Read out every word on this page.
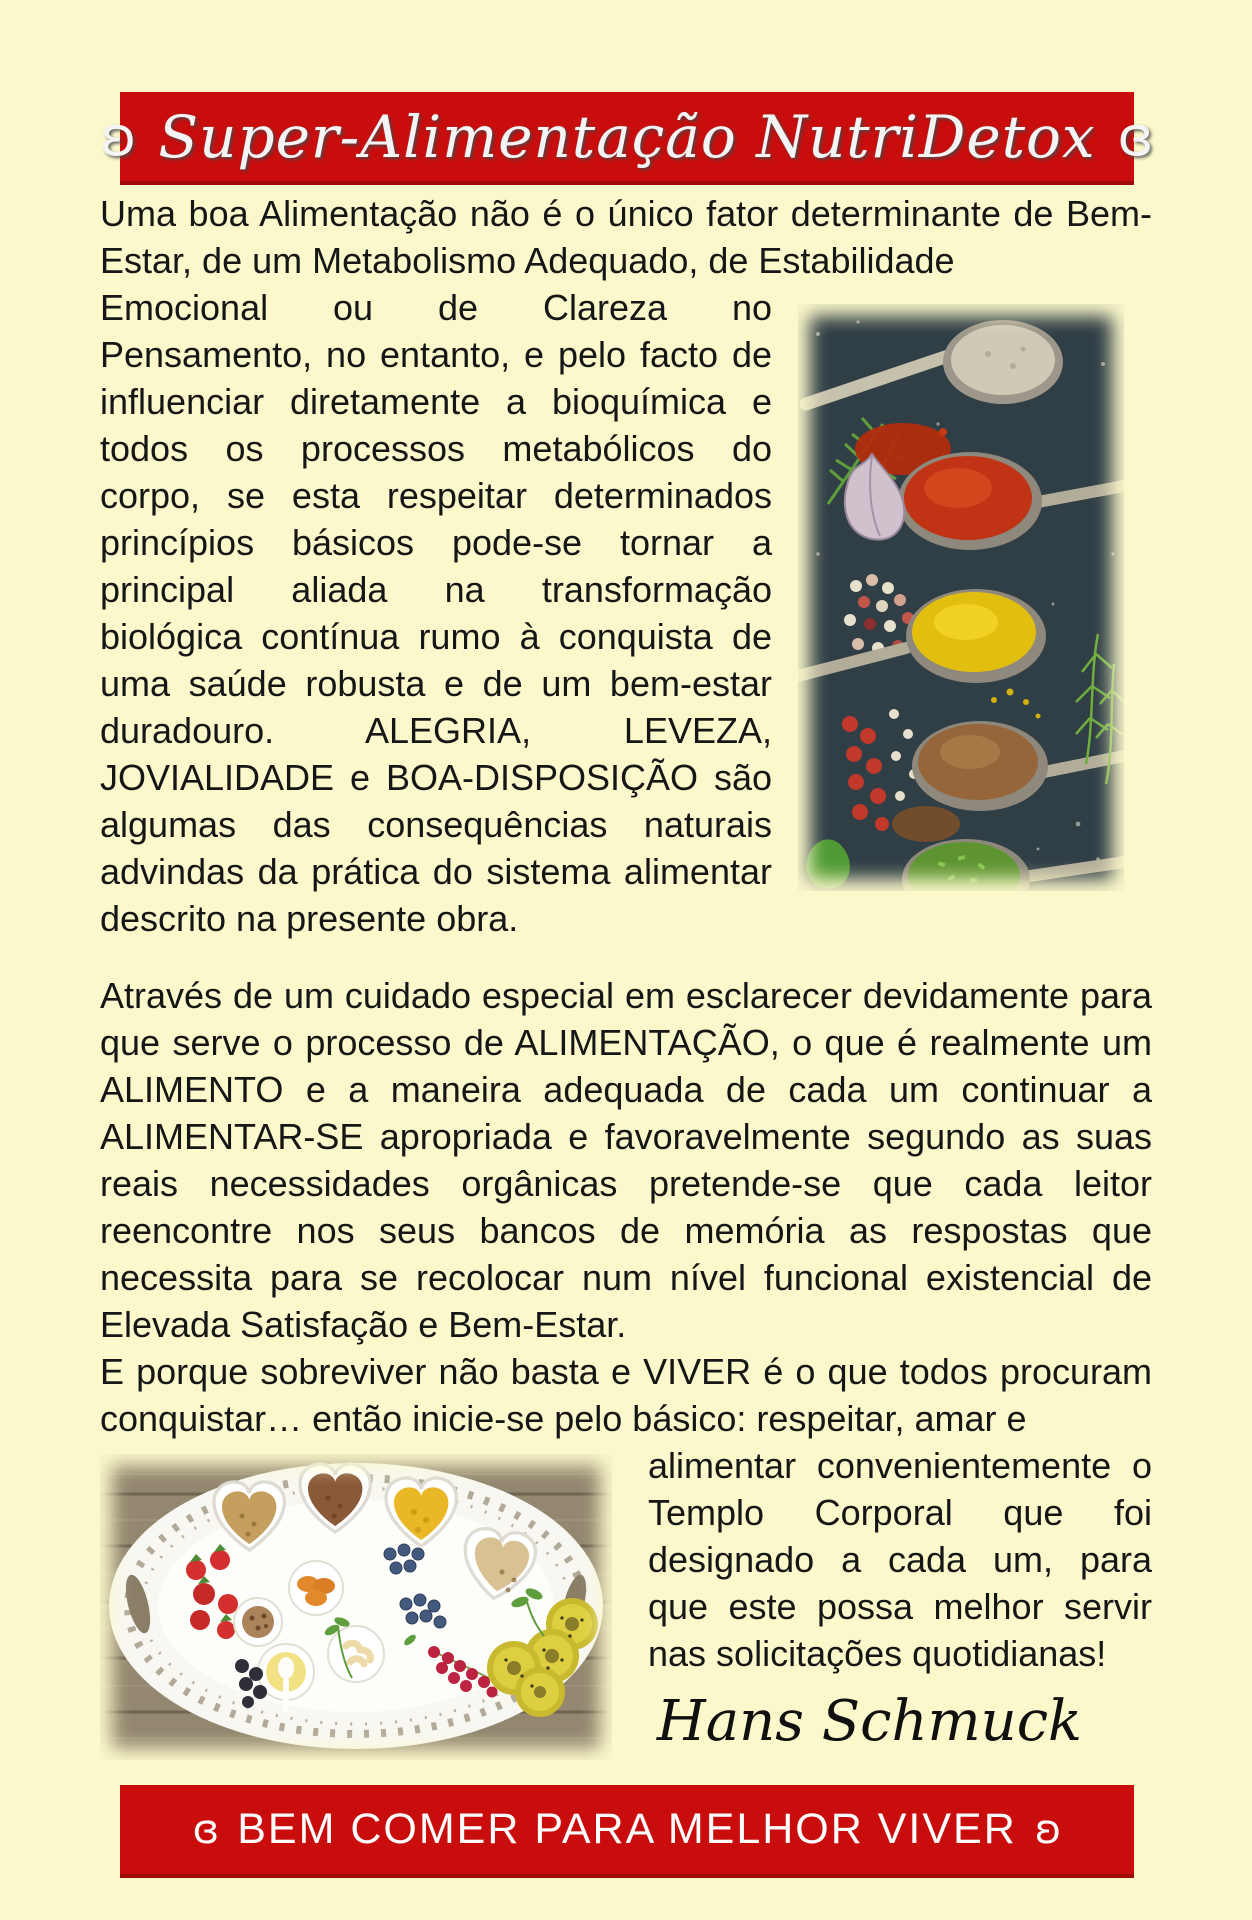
ʚ Super-Alimentação NutriDetox ɞ

Uma boa Alimentação não é o único fator determinante de Bem-Estar, de um Metabolismo Adequado, de Estabilidade

Emocional ou de Clareza no Pensamento, no entanto, e pelo facto de influenciar diretamente a bioquímica e todos os processos metabólicos do corpo, se esta respeitar determinados princípios básicos pode-se tornar a principal aliada na transformação biológica contínua rumo à conquista de uma saúde robusta e de um bem-estar duradouro. ALEGRIA, LEVEZA, JOVIALIDADE e BOA-DISPOSIÇÃO são algumas das consequências naturais advindas da prática do sistema alimentar descrito na presente obra.

Através de um cuidado especial em esclarecer devidamente para que serve o processo de ALIMENTAÇÃO, o que é realmente um ALIMENTO e a maneira adequada de cada um continuar a ALIMENTAR-SE apropriada e favoravelmente segundo as suas reais necessidades orgânicas pretende-se que cada leitor reencontre nos seus bancos de memória as respostas que necessita para se recolocar num nível funcional existencial de Elevada Satisfação e Bem-Estar.

E porque sobreviver não basta e VIVER é o que todos procuram conquistar… então inicie-se pelo básico: respeitar, amar e

alimentar convenientemente o Templo Corporal que foi designado a cada um, para que este possa melhor servir nas solicitações quotidianas!

Hans Schmuck
ɞ BEM COMER PARA MELHOR VIVER ʚ
